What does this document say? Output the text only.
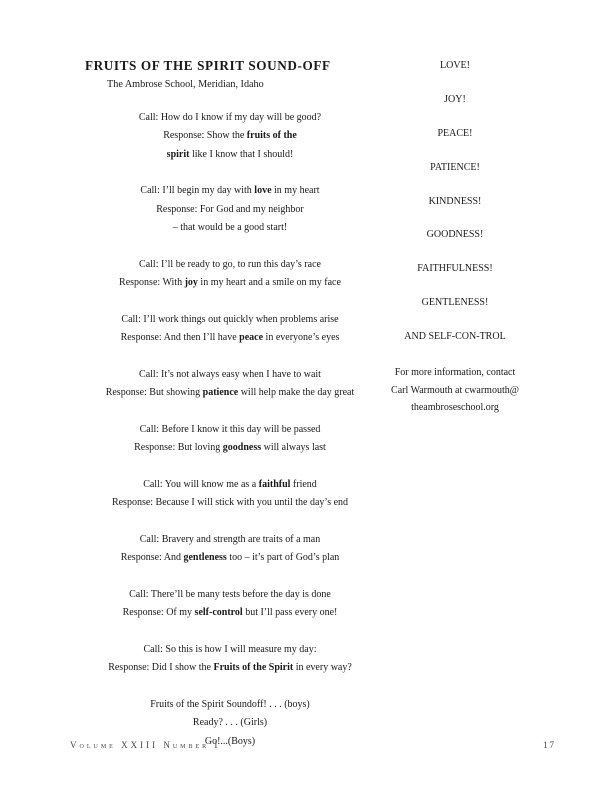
FRUITS OF THE SPIRIT SOUND-OFF
The Ambrose School, Meridian, Idaho
Call: How do I know if my day will be good?
Response: Show the fruits of the
spirit like I know that I should!
Call: I’ll begin my day with love in my heart
Response: For God and my neighbor
– that would be a good start!
Call: I’ll be ready to go, to run this day’s race
Response: With joy in my heart and a smile on my face
Call: I’ll work things out quickly when problems arise
Response: And then I’ll have peace in everyone’s eyes
Call: It’s not always easy when I have to wait
Response: But showing patience will help make the day great
Call: Before I know it this day will be passed
Response: But loving goodness will always last
Call: You will know me as a faithful friend
Response: Because I will stick with you until the day’s end
Call: Bravery and strength are traits of a man
Response: And gentleness too – it’s part of God’s plan
Call: There’ll be many tests before the day is done
Response: Of my self-control but I’ll pass every one!
Call: So this is how I will measure my day:
Response: Did I show the Fruits of the Spirit in every way?
Fruits of the Spirit Soundoff! . . . (boys)
Ready? . . . (Girls)
Go!...(Boys)
LOVE!
JOY!
PEACE!
PATIENCE!
KINDNESS!
GOODNESS!
FAITHFULNESS!
GENTLENESS!
AND SELF-CON-TROL
For more information, contact
Carl Warmouth at cwarmouth@
theambroseschool.org
Volume XXIII Number I	17
